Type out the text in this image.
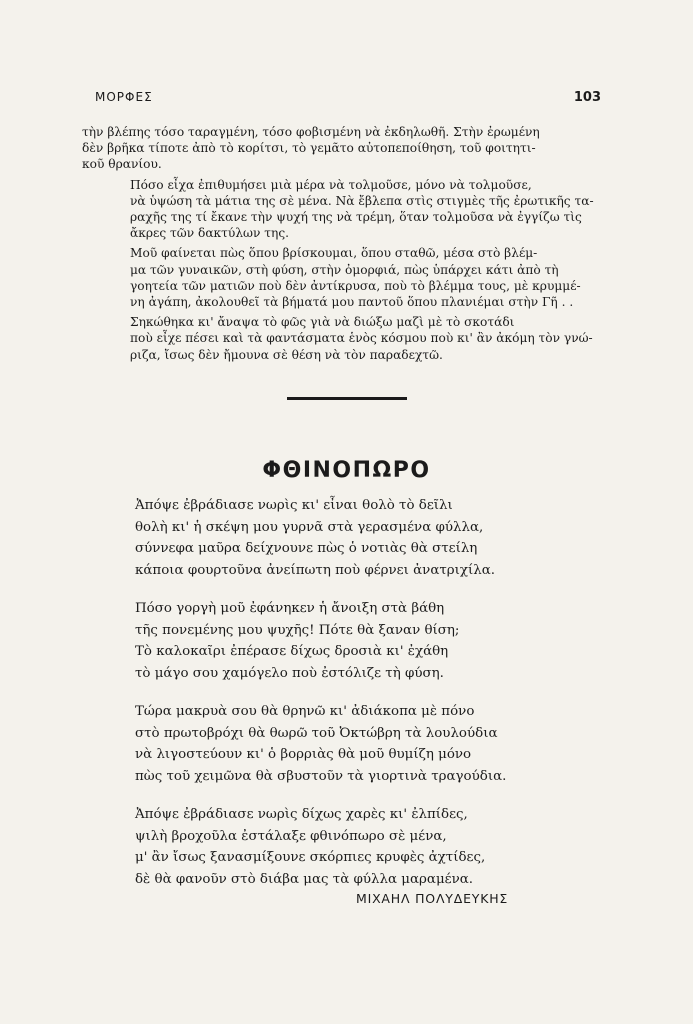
ΜΟΡΦΕΣ	103

τὴν βλέπης τόσο ταραγμένη, τόσο φοβισμένη νὰ ἐκδηλωθῆ. Στὴν ἐρωμένη
δὲν βρῆκα τίποτε ἀπὸ τὸ κορίτσι, τὸ γεμᾶτο αὐτοπεποίθηση, τοῦ φοιτητι-
κοῦ θρανίου.

Πόσο εἶχα ἐπιθυμήσει μιὰ μέρα νὰ τολμοῦσε, μόνο νὰ τολμοῦσε,
νὰ ὑψώση τὰ μάτια της σὲ μένα. Νὰ ἔβλεπα στὶς στιγμὲς τῆς ἐρωτικῆς τα-
ραχῆς της τί ἔκανε τὴν ψυχή της νὰ τρέμη, ὅταν τολμοῦσα νὰ ἐγγίζω τὶς
ἄκρες τῶν δακτύλων της.

Μοῦ φαίνεται πὼς ὅπου βρίσκουμαι, ὅπου σταθῶ, μέσα στὸ βλέμ-
μα τῶν γυναικῶν, στὴ φύση, στὴν ὀμορφιά, πὼς ὑπάρχει κάτι ἀπὸ τὴ
γοητεία τῶν ματιῶν ποὺ δὲν ἀντίκρυσα, ποὺ τὸ βλέμμα τους, μὲ κρυμμέ-
νη ἀγάπη, ἀκολουθεῖ τὰ βήματά μου παντοῦ ὅπου πλανιέμαι στὴν Γῆ . .

Σηκώθηκα κι' ἄναψα τὸ φῶς γιὰ νὰ διώξω μαζὶ μὲ τὸ σκοτάδι
ποὺ εἶχε πέσει καὶ τὰ φαντάσματα ἑνὸς κόσμου ποὺ κι' ἂν ἀκόμη τὸν γνώ-
ριζα, ἴσως δὲν ἤμουνα σὲ θέση νὰ τὸν παραδεχτῶ.

ΦΘΙΝΟΠΩΡΟ
Ἀπόψε ἐβράδιασε νωρὶς κι' εἶναι θολὸ τὸ δεῖλι
θολὴ κι' ἡ σκέψη μου γυρνᾶ στὰ γερασμένα φύλλα,
σύννεφα μαῦρα δείχνουνε πὼς ὁ νοτιὰς θὰ στείλη
κάποια φουρτοῦνα ἀνείπωτη ποὺ φέρνει ἀνατριχίλα.
Πόσο γοργὴ μοῦ ἐφάνηκεν ἡ ἄνοιξη στὰ βάθη
τῆς πονεμένης μου ψυχῆς! Πότε θὰ ξαναν θίση;
Τὸ καλοκαῖρι ἐπέρασε δίχως δροσιὰ κι' ἐχάθη
τὸ μάγο σου χαμόγελο ποὺ ἐστόλιζε τὴ φύση.
Τώρα μακρυὰ σου θὰ θρηνῶ κι' ἀδιάκοπα μὲ πόνο
στὸ πρωτοβρόχι θὰ θωρῶ τοῦ Ὀκτώβρη τὰ λουλούδια
νὰ λιγοστεύουν κι' ὁ βορριὰς θὰ μοῦ θυμίζη μόνο
πὼς τοῦ χειμῶνα θὰ σβυστοῦν τὰ γιορτινὰ τραγούδια.
Ἀπόψε ἐβράδιασε νωρὶς δίχως χαρὲς κι' ἐλπίδες,
ψιλὴ βροχοῦλα ἐστάλαξε φθινόπωρο σὲ μένα,
μ' ἂν ἴσως ξανασμίξουνε σκόρπιες κρυφὲς ἀχτίδες,
δὲ θὰ φανοῦν στὸ διάβα μας τὰ φύλλα μαραμένα.
ΜΙΧΑΗΛ ΠΟΛΥΔΕΥΚΗΣ
